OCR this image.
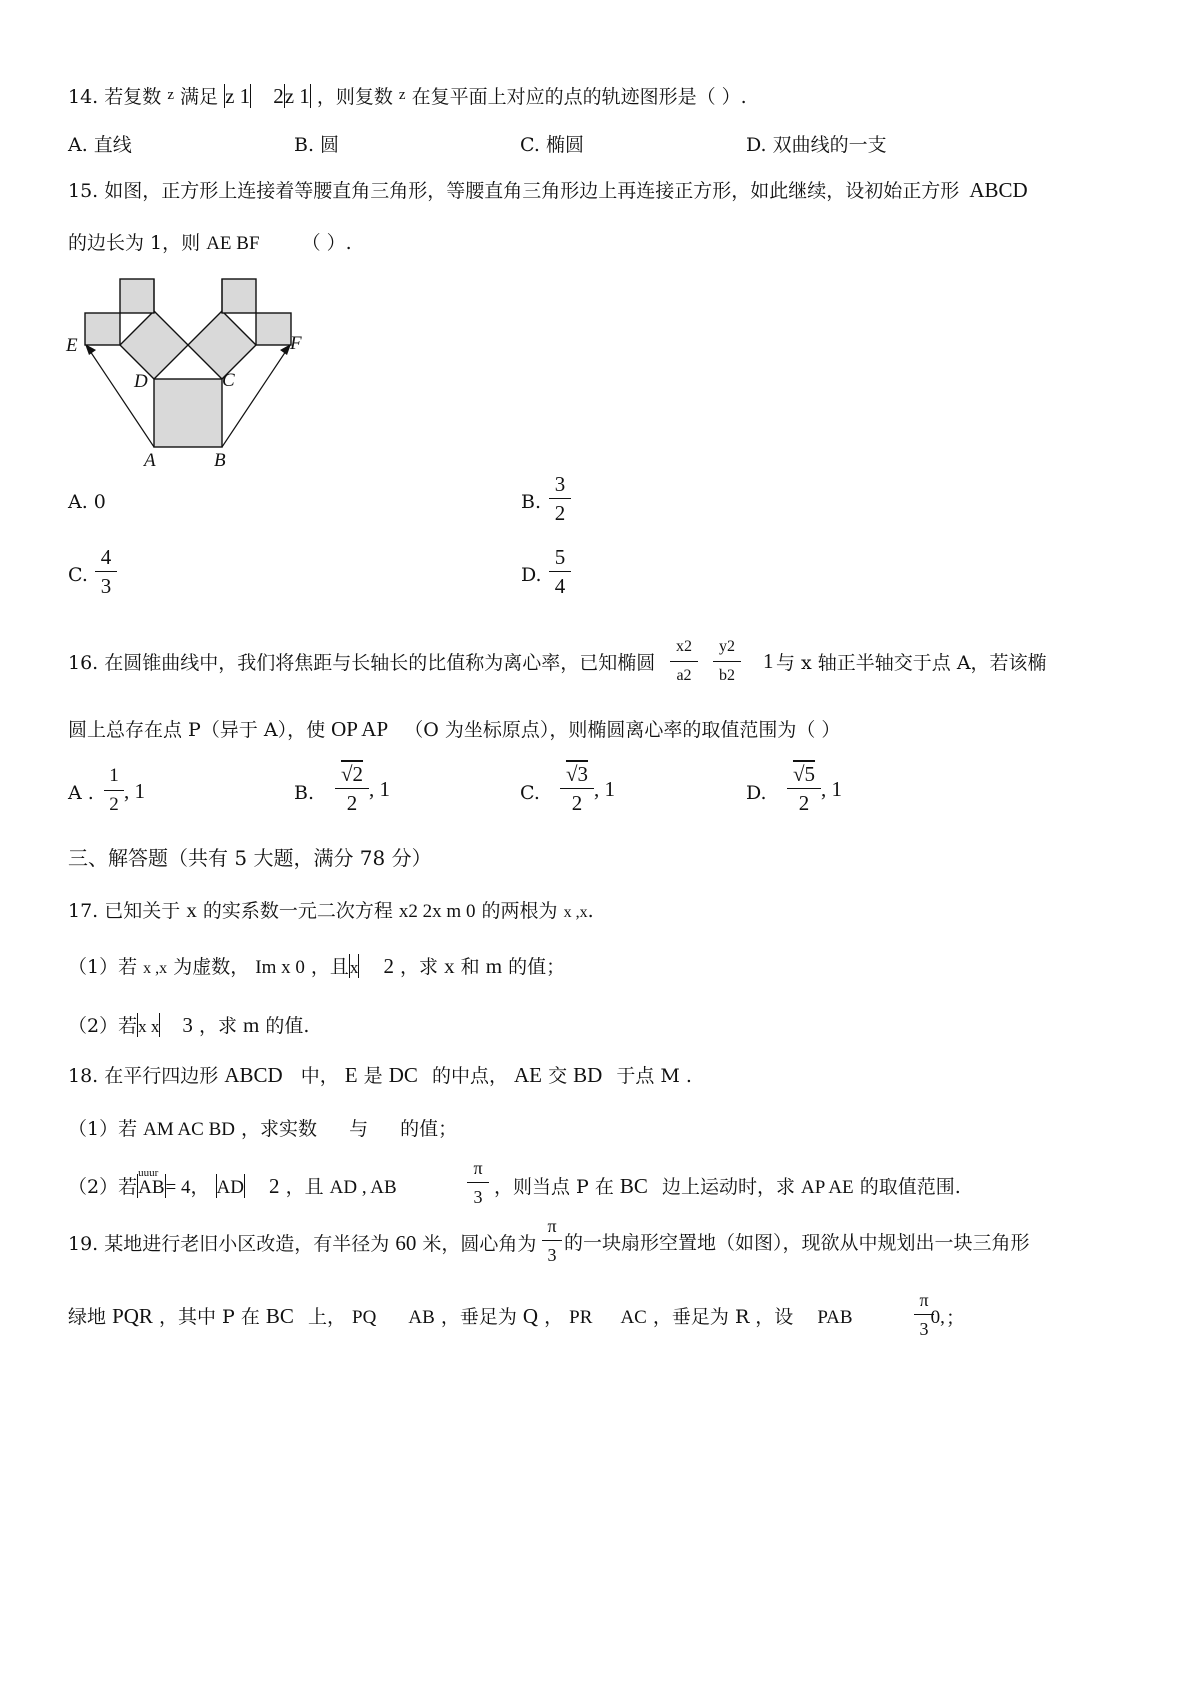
14. 若复数 $^z$ 满足 z 1 2z 1 ，则复数 $^z$ 在复平面上对应的点的轨迹图形是（ ）.
A. 直线	B. 圆	C. 椭圆	D. 双曲线的一支
15. 如图，正方形上连接着等腰直角三角形，等腰直角三角形边上再连接正方形，如此继续，设初始正方形 ABCD
的边长为 1，则 AE BF （ ）.
E	F
D	C
A	B
A. 0	B.
3
2
C.
4
3	D.
5
4
16. 在圆锥曲线中，我们将焦距与长轴长的比值称为离心率，已知椭圆
x2
a2
y2
b2
1 与 x 轴正半轴交于点 A，若该椭
圆上总存在点 P（异于 A），使 OP AP （O 为坐标原点），则椭圆离心率的取值范围为（ ）
A .
1
2
, 1	B.
√2
2
, 1	C.
√3
2
, 1	D.
√5
2
, 1
三、解答题（共有 5 大题，满分 78 分）
17. 已知关于 x 的实系数一元二次方程 x2 2x m 0 的两根为 x ,x.
（1）若 x ,x 为虚数， Im x 0 ，且x 2 ，求 x 和 m 的值；
（2）若x x 3 ，求 m 的值.
18. 在平行四边形 ABCD 中， E 是 DC 的中点， AE 交 BD 于点 M .
（1）若 AM AC BD ，求实数 与 的值；
（2）若
uuur
AB= 4， AD 2 ，且 AD , AB
π
3 ，则当点 P 在 BC 边上运动时，求 AP AE 的取值范围.
19. 某地进行老旧小区改造，有半径为 60 米，圆心角为
π
3
的一块扇形空置地（如图），现欲从中规划出一块三角形
绿地 PQR ，其中 P 在 BC 上， PQ AB ，垂足为 Q ， PR AC ，垂足为 R ，设 PAB	0,
π
3 ；
